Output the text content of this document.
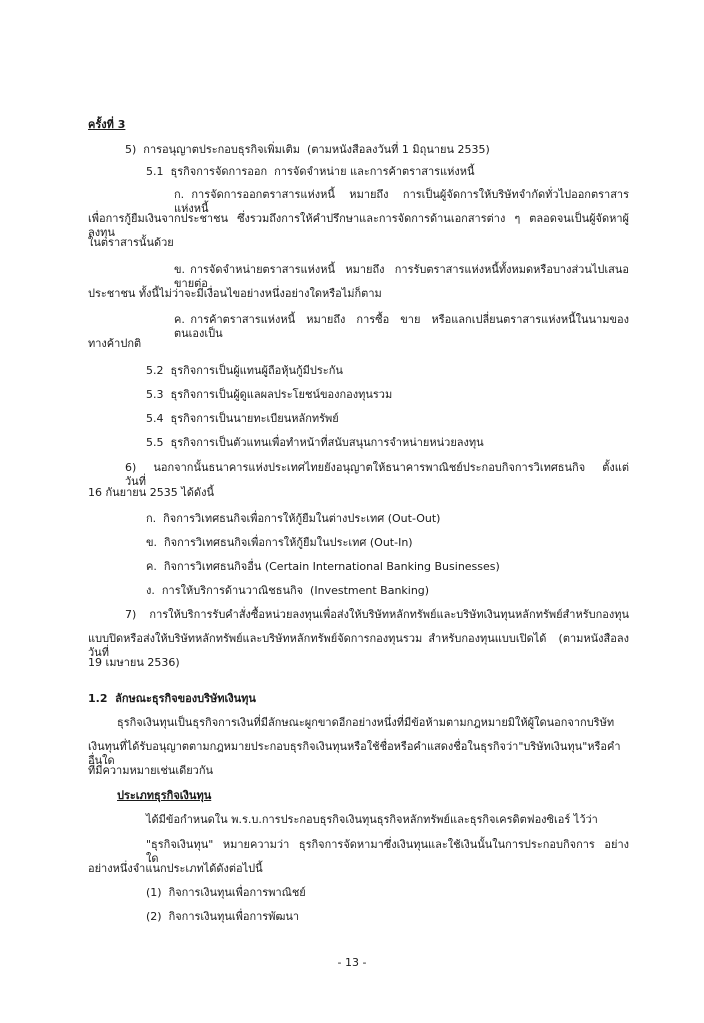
ครั้งที่ 3
5)  การอนุญาตประกอบธุรกิจเพิ่มเติม  (ตามหนังสือลงวันที่ 1 มิถุนายน 2535)
5.1  ธุรกิจการจัดการออก  การจัดจำหน่าย และการค้าตราสารแห่งหนี้
ก. การจัดการออกตราสารแห่งหนี้  หมายถึง  การเป็นผู้จัดการให้บริษัทจำกัดทั่วไปออกตราสารแห่งหนี้
เพื่อการกู้ยืมเงินจากประชาชน  ซึ่งรวมถึงการให้คำปรึกษาและการจัดการด้านเอกสารต่าง  ๆ  ตลอดจนเป็นผู้จัดหาผู้ลงทุน
ในตราสารนั้นด้วย
ข. การจัดจำหน่ายตราสารแห่งหนี้  หมายถึง  การรับตราสารแห่งหนี้ทั้งหมดหรือบางส่วนไปเสนอขายต่อ
ประชาชน ทั้งนี้ไม่ว่าจะมีเงื่อนไขอย่างหนึ่งอย่างใดหรือไม่ก็ตาม
ค. การค้าตราสารแห่งหนี้  หมายถึง  การซื้อ  ขาย  หรือแลกเปลี่ยนตราสารแห่งหนี้ในนามของตนเองเป็น
ทางค้าปกติ
5.2  ธุรกิจการเป็นผู้แทนผู้ถือหุ้นกู้มีประกัน
5.3  ธุรกิจการเป็นผู้ดูแลผลประโยชน์ของกองทุนรวม
5.4  ธุรกิจการเป็นนายทะเบียนหลักทรัพย์
5.5  ธุรกิจการเป็นตัวแทนเพื่อทำหน้าที่สนับสนุนการจำหน่ายหน่วยลงทุน
6)   นอกจากนั้นธนาคารแห่งประเทศไทยยังอนุญาตให้ธนาคารพาณิชย์ประกอบกิจการวิเทศธนกิจ   ตั้งแต่วันที่
16 กันยายน 2535 ได้ดังนี้
ก.  กิจการวิเทศธนกิจเพื่อการให้กู้ยืมในต่างประเทศ (Out-Out)
ข.  กิจการวิเทศธนกิจเพื่อการให้กู้ยืมในประเทศ (Out-In)
ค.  กิจการวิเทศธนกิจอื่น (Certain International Banking Businesses)
ง.  การให้บริการด้านวาณิชธนกิจ  (Investment Banking)
7)   การให้บริการรับคำสั่งซื้อหน่วยลงทุนเพื่อส่งให้บริษัทหลักทรัพย์และบริษัทเงินทุนหลักทรัพย์สำหรับกองทุน
แบบปิดหรือส่งให้บริษัทหลักทรัพย์และบริษัทหลักทรัพย์จัดการกองทุนรวม สำหรับกองทุนแบบเปิดได้  (ตามหนังสือลงวันที่
19 เมษายน 2536)
1.2  ลักษณะธุรกิจของบริษัทเงินทุน
ธุรกิจเงินทุนเป็นธุรกิจการเงินที่มีลักษณะผูกขาดอีกอย่างหนึ่งที่มีข้อห้ามตามกฎหมายมิให้ผู้ใดนอกจากบริษัท
เงินทุนที่ได้รับอนุญาตตามกฎหมายประกอบธุรกิจเงินทุนหรือใช้ชื่อหรือคำแสดงชื่อในธุรกิจว่า"บริษัทเงินทุน"หรือคำอื่นใด
ที่มีความหมายเช่นเดียวกัน
ประเภทธุรกิจเงินทุน
ได้มีข้อกำหนดใน พ.ร.บ.การประกอบธุรกิจเงินทุนธุรกิจหลักทรัพย์และธุรกิจเครดิตฟองซิเอร์ ไว้ว่า
"ธุรกิจเงินทุน"  หมายความว่า  ธุรกิจการจัดหามาซึ่งเงินทุนและใช้เงินนั้นในการประกอบกิจการ  อย่างใด
อย่างหนึ่งจำแนกประเภทได้ดังต่อไปนี้
(1)  กิจการเงินทุนเพื่อการพาณิชย์
(2)  กิจการเงินทุนเพื่อการพัฒนา
- 13 -
